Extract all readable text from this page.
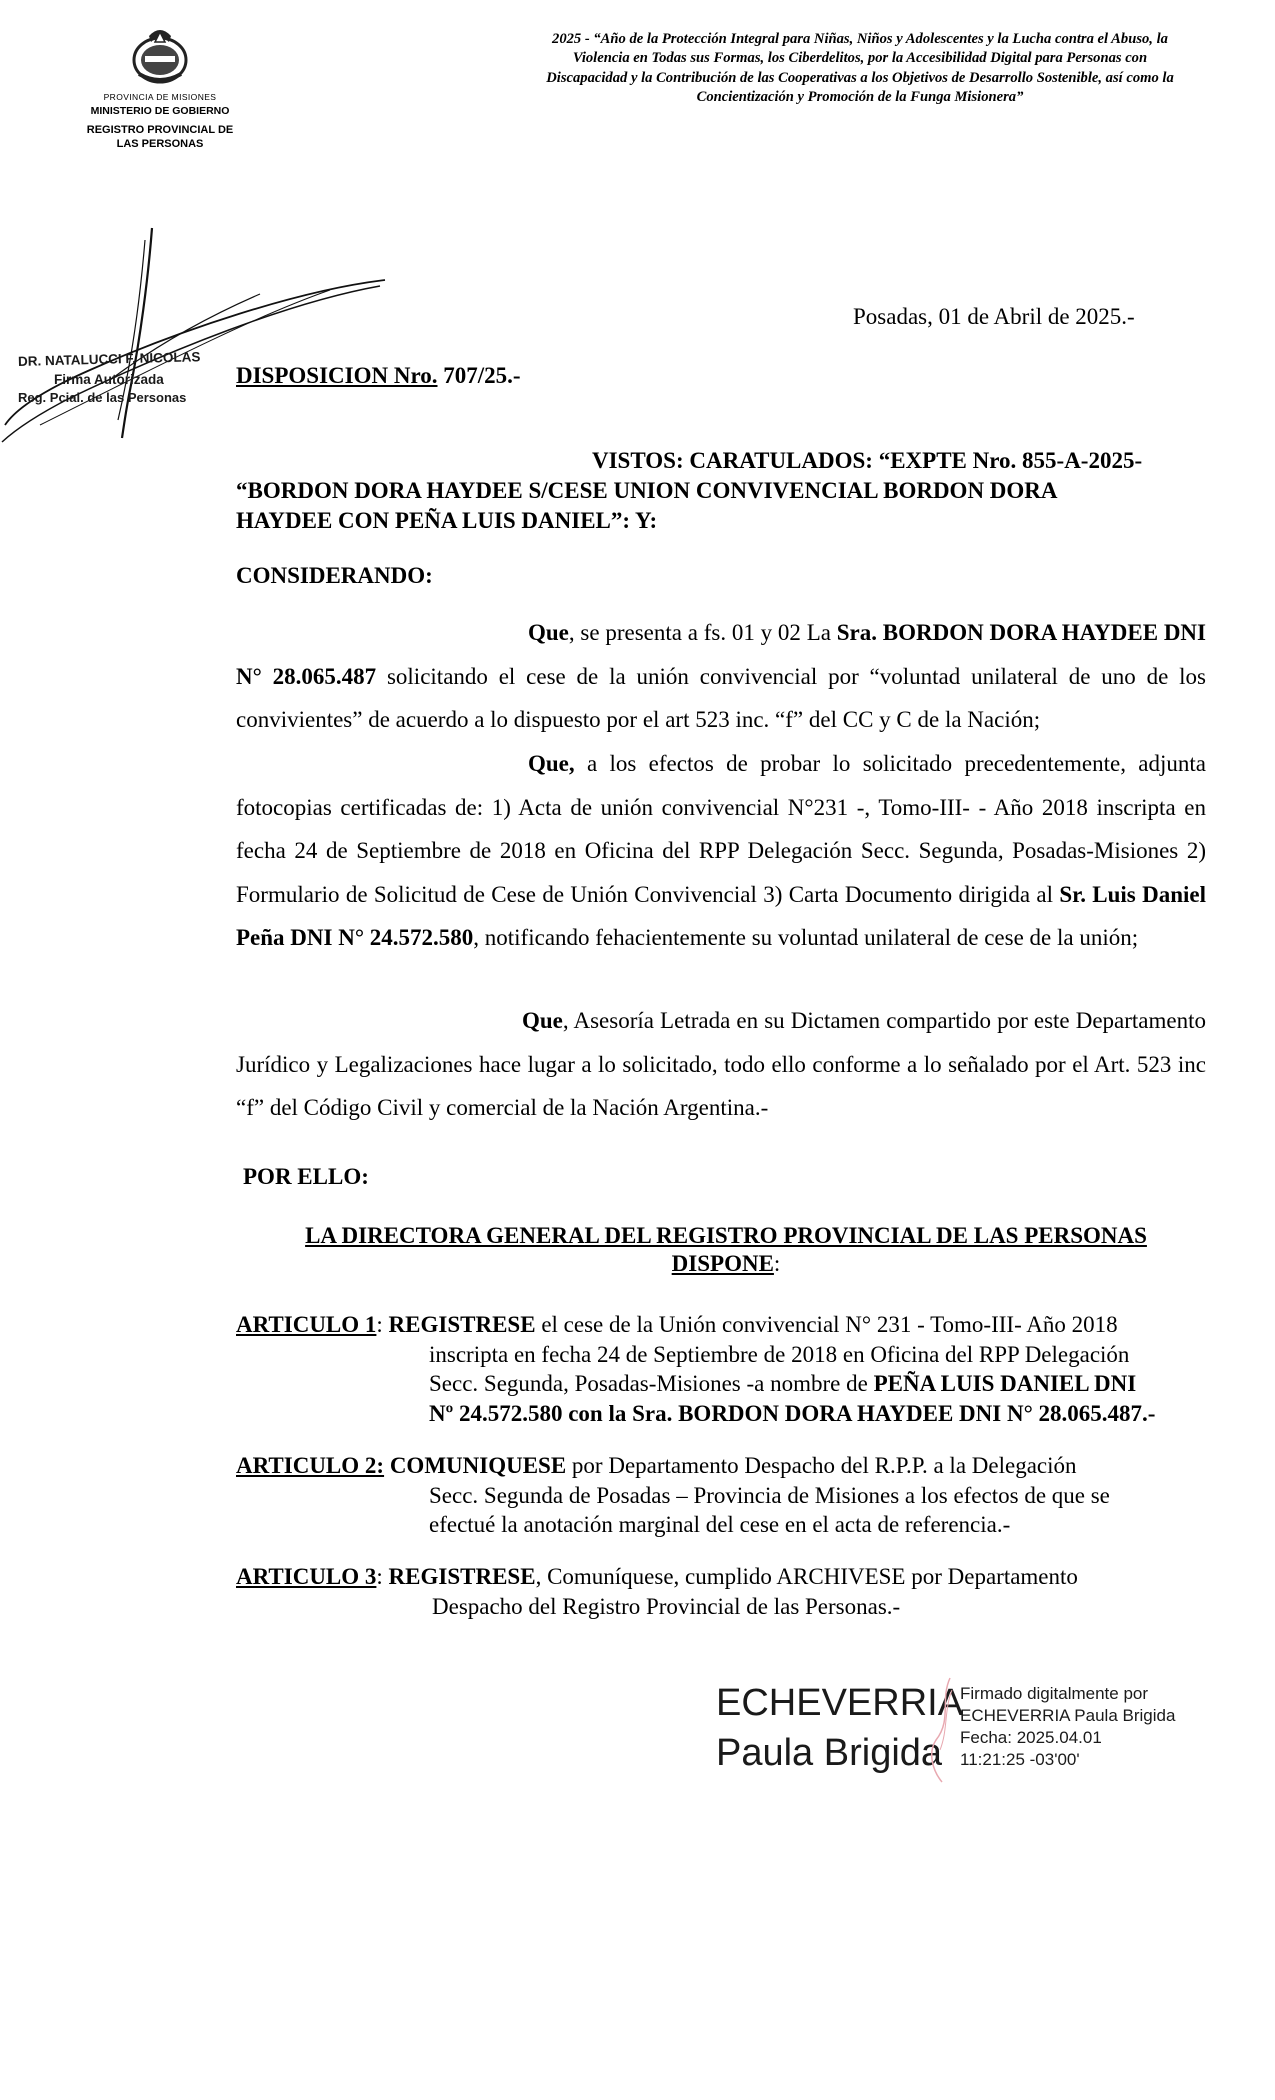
PROVINCIA DE MISIONES
MINISTERIO DE GOBIERNO
REGISTRO PROVINCIAL DE
LAS PERSONAS
2025 - “Año de la Protección Integral para Niñas, Niños y Adolescentes y la Lucha contra el Abuso, la Violencia en Todas sus Formas, los Ciberdelitos, por la Accesibilidad Digital para Personas con Discapacidad y la Contribución de las Cooperativas a los Objetivos de Desarrollo Sostenible, así como la Concientización y Promoción de la Funga Misionera”
DR. NATALUCCI F. NICOLAS
Firma Autorizada
Reg. Pcial. de las Personas
Posadas, 01 de Abril de 2025.-
DISPOSICION Nro. 707/25.-
VISTOS: CARATULADOS: “EXPTE Nro. 855-A-2025-
“BORDON DORA HAYDEE S/CESE UNION CONVIVENCIAL BORDON DORA
HAYDEE CON PEÑA LUIS DANIEL”: Y:
CONSIDERANDO:
Que, se presenta a fs. 01 y 02 La Sra. BORDON DORA HAYDEE DNI N° 28.065.487 solicitando el cese de la unión convivencial por “voluntad unilateral de uno de los convivientes” de acuerdo a lo dispuesto por el art 523 inc. “f” del CC y C de la Nación;
Que, a los efectos de probar lo solicitado precedentemente, adjunta fotocopias certificadas de: 1) Acta de unión convivencial N°231 -, Tomo-III- - Año 2018 inscripta en fecha 24 de Septiembre de 2018 en Oficina del RPP Delegación Secc. Segunda, Posadas-Misiones 2) Formulario de Solicitud de Cese de Unión Convivencial 3) Carta Documento dirigida al Sr. Luis Daniel Peña DNI N° 24.572.580, notificando fehacientemente su voluntad unilateral de cese de la unión;
Que, Asesoría Letrada en su Dictamen compartido por este Departamento Jurídico y Legalizaciones hace lugar a lo solicitado, todo ello conforme a lo señalado por el Art. 523 inc “f” del Código Civil y comercial de la Nación Argentina.-
POR ELLO:
LA DIRECTORA GENERAL DEL REGISTRO PROVINCIAL DE LAS PERSONAS
DISPONE:
ARTICULO 1: REGISTRESE el cese de la Unión convivencial N° 231 - Tomo-III- Año 2018
inscripta en fecha 24 de Septiembre de 2018 en Oficina del RPP Delegación
Secc. Segunda, Posadas-Misiones -a nombre de PEÑA LUIS DANIEL DNI
Nº 24.572.580 con la Sra. BORDON DORA HAYDEE DNI N° 28.065.487.-
ARTICULO 2: COMUNIQUESE por Departamento Despacho del R.P.P. a la Delegación
Secc. Segunda de Posadas – Provincia de Misiones a los efectos de que se
efectué la anotación marginal del cese en el acta de referencia.-
ARTICULO 3: REGISTRESE, Comuníquese, cumplido ARCHIVESE por Departamento
Despacho del Registro Provincial de las Personas.-
ECHEVERRIA
Paula Brigida
Firmado digitalmente por
ECHEVERRIA Paula Brigida
Fecha: 2025.04.01
11:21:25 -03'00'
